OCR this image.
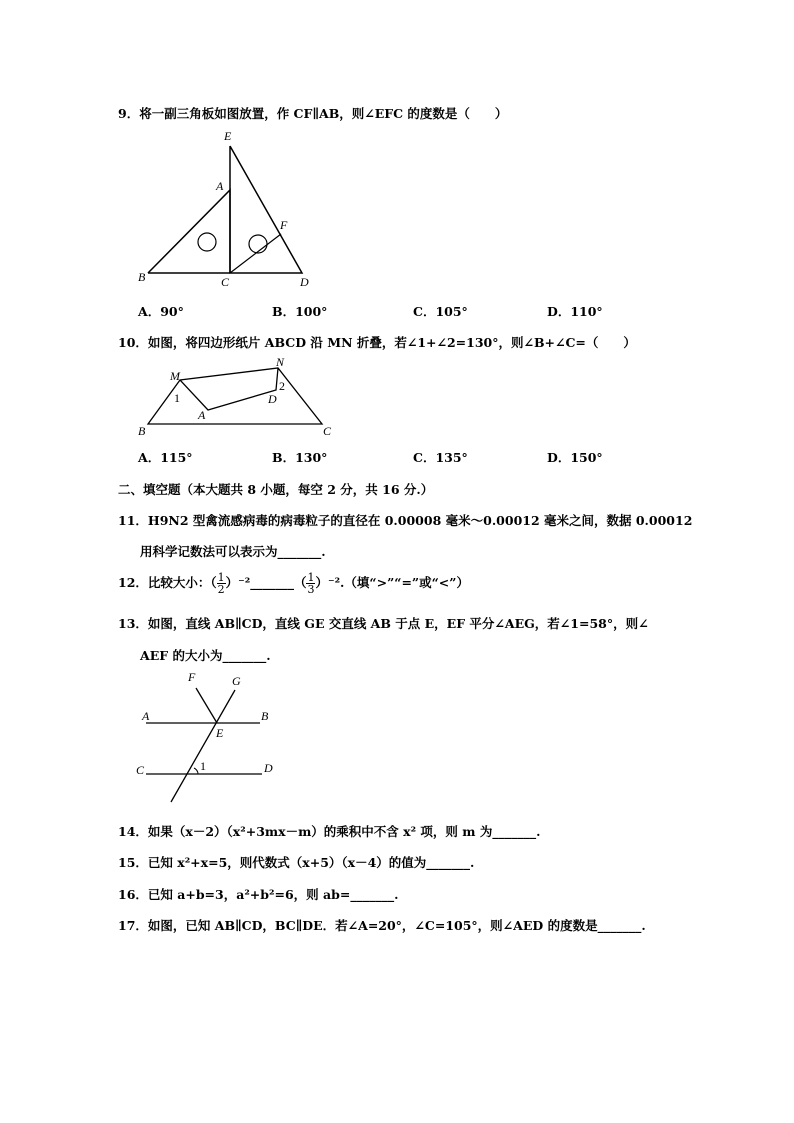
9．将一副三角板如图放置，作 CF∥AB，则∠EFC 的度数是（　　）
E
A
F
B	C	D
A．90°	B．100°	C．105°	D．110°
10．如图，将四边形纸片 ABCD 沿 MN 折叠，若∠1+∠2=130°，则∠B+∠C=（　　）
M
N
1
2
A
D
B	C
A．115°	B．130°	C．135°	D．150°
二、填空题（本大题共 8 小题，每空 2 分，共 16 分.）
11．H9N2 型禽流感病毒的病毒粒子的直径在 0.00008 毫米～0.00012 毫米之间，数据 0.00012
用科学记数法可以表示为_______.
12．比较大小：（ $\frac{1}{2}$ ）⁻²_______（ $\frac{1}{3} )^{-2}$.（填“>”“=”或“<”）
13．如图，直线 AB∥CD，直线 GE 交直线 AB 于点 E，EF 平分∠AEG，若∠1=58°，则∠
AEF 的大小为_______.
F	G
A	B
E
C	1	D
14．如果（x－2）（x²+3mx－m）的乘积中不含 x² 项，则 m 为_______.
15．已知 x²+x=5，则代数式（x+5）（x－4）的值为_______.
16．已知 a+b=3，a²+b²=6，则 ab=_______.
17．如图，已知 AB∥CD，BC∥DE．若∠A=20°，∠C=105°，则∠AED 的度数是_______.
